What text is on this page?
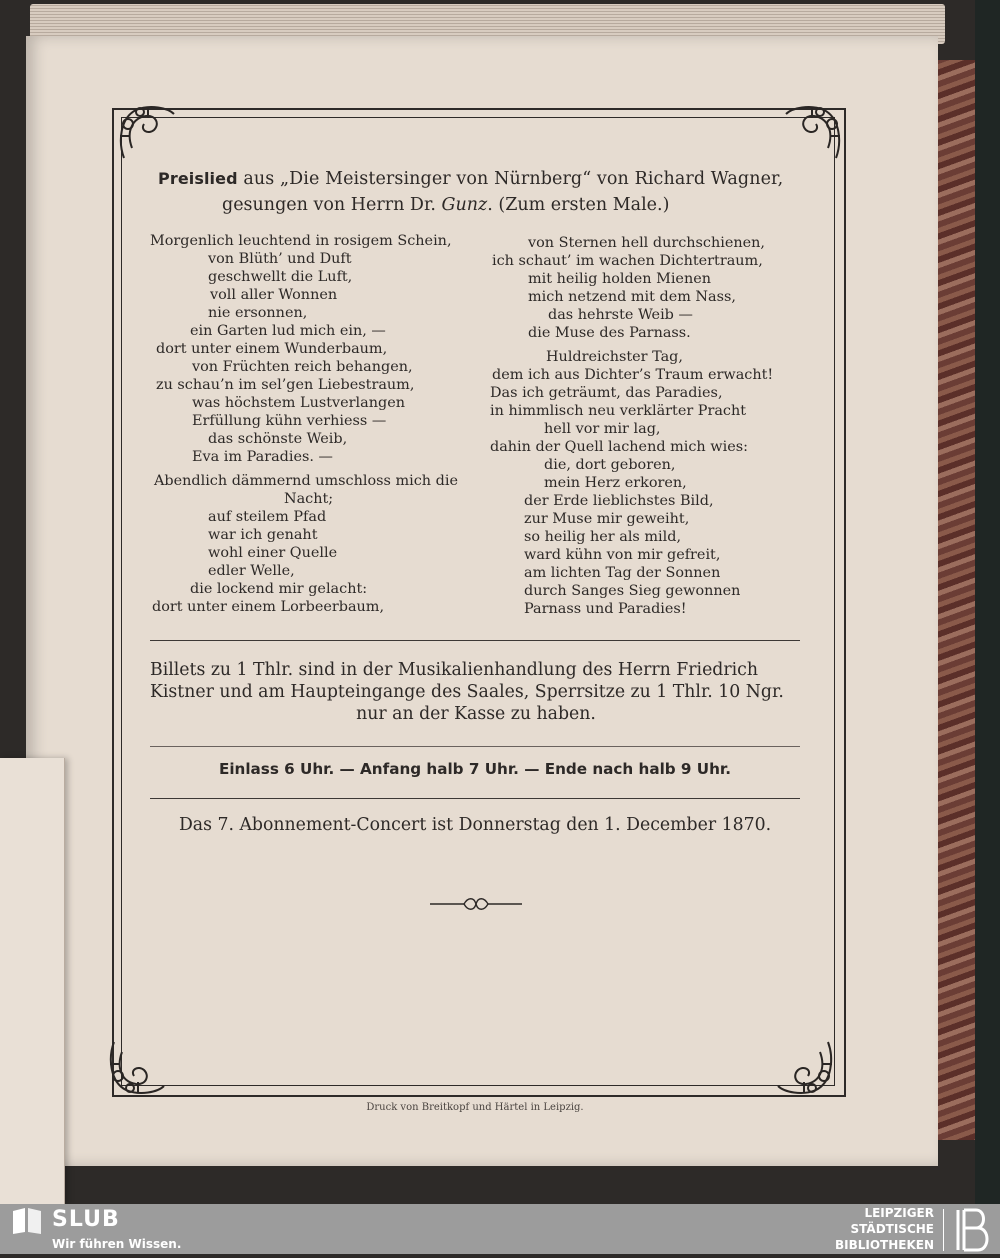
Preislied aus „Die Meistersinger von Nürnberg“ von Richard Wagner,
gesungen von Herrn Dr. Gunz. (Zum ersten Male.)
Morgenlich leuchtend in rosigem Schein,
von Blüth’ und Duft
geschwellt die Luft,
voll aller Wonnen
nie ersonnen,
ein Garten lud mich ein, —
dort unter einem Wunderbaum,
von Früchten reich behangen,
zu schau’n im sel’gen Liebestraum,
was höchstem Lustverlangen
Erfüllung kühn verhiess —
das schönste Weib,
Eva im Paradies. —
Abendlich dämmernd umschloss mich die
Nacht;
auf steilem Pfad
war ich genaht
wohl einer Quelle
edler Welle,
die lockend mir gelacht:
dort unter einem Lorbeerbaum,
von Sternen hell durchschienen,
ich schaut’ im wachen Dichtertraum,
mit heilig holden Mienen
mich netzend mit dem Nass,
das hehrste Weib —
die Muse des Parnass.
Huldreichster Tag,
dem ich aus Dichter’s Traum erwacht!
Das ich geträumt, das Paradies,
in himmlisch neu verklärter Pracht
hell vor mir lag,
dahin der Quell lachend mich wies:
die, dort geboren,
mein Herz erkoren,
der Erde lieblichstes Bild,
zur Muse mir geweiht,
so heilig her als mild,
ward kühn von mir gefreit,
am lichten Tag der Sonnen
durch Sanges Sieg gewonnen
Parnass und Paradies!
Billets zu 1 Thlr. sind in der Musikalienhandlung des Herrn Friedrich
Kistner und am Haupteingange des Saales, Sperrsitze zu 1 Thlr. 10 Ngr.
nur an der Kasse zu haben.
Einlass 6 Uhr. — Anfang halb 7 Uhr. — Ende nach halb 9 Uhr.
Das 7. Abonnement-Concert ist Donnerstag den 1. December 1870.
Druck von Breitkopf und Härtel in Leipzig.
SLUB
Wir führen Wissen.
LEIPZIGER
STÄDTISCHE
BIBLIOTHEKEN
